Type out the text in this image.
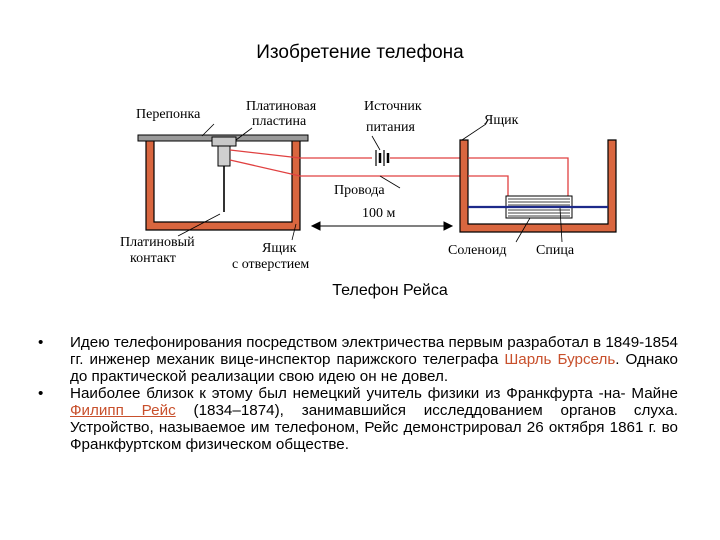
Изобретение телефона
Перепонка
Платиновая
пластина
Источник
питания	Ящик
Провода
100 м
Платиновый
контакт
Ящик
с отверстием
Соленоид Спица
Телефон Рейса
• Идею телефонирования посредством электричества первым разработал в 1849-1854 гг. инженер механик вице-инспектор парижского телеграфа Шарль Бурсель. Однако до практической реализации свою идею он не довел.
• Наиболее близок к этому был немецкий учитель физики из Франкфурта -на- Майне Филипп Рейс (1834–1874), занимавшийся исследдованием органов слуха. Устройство, называемое им телефоном, Рейс демонстрировал 26 октября 1861 г. во Франкфуртском физическом обществе.
